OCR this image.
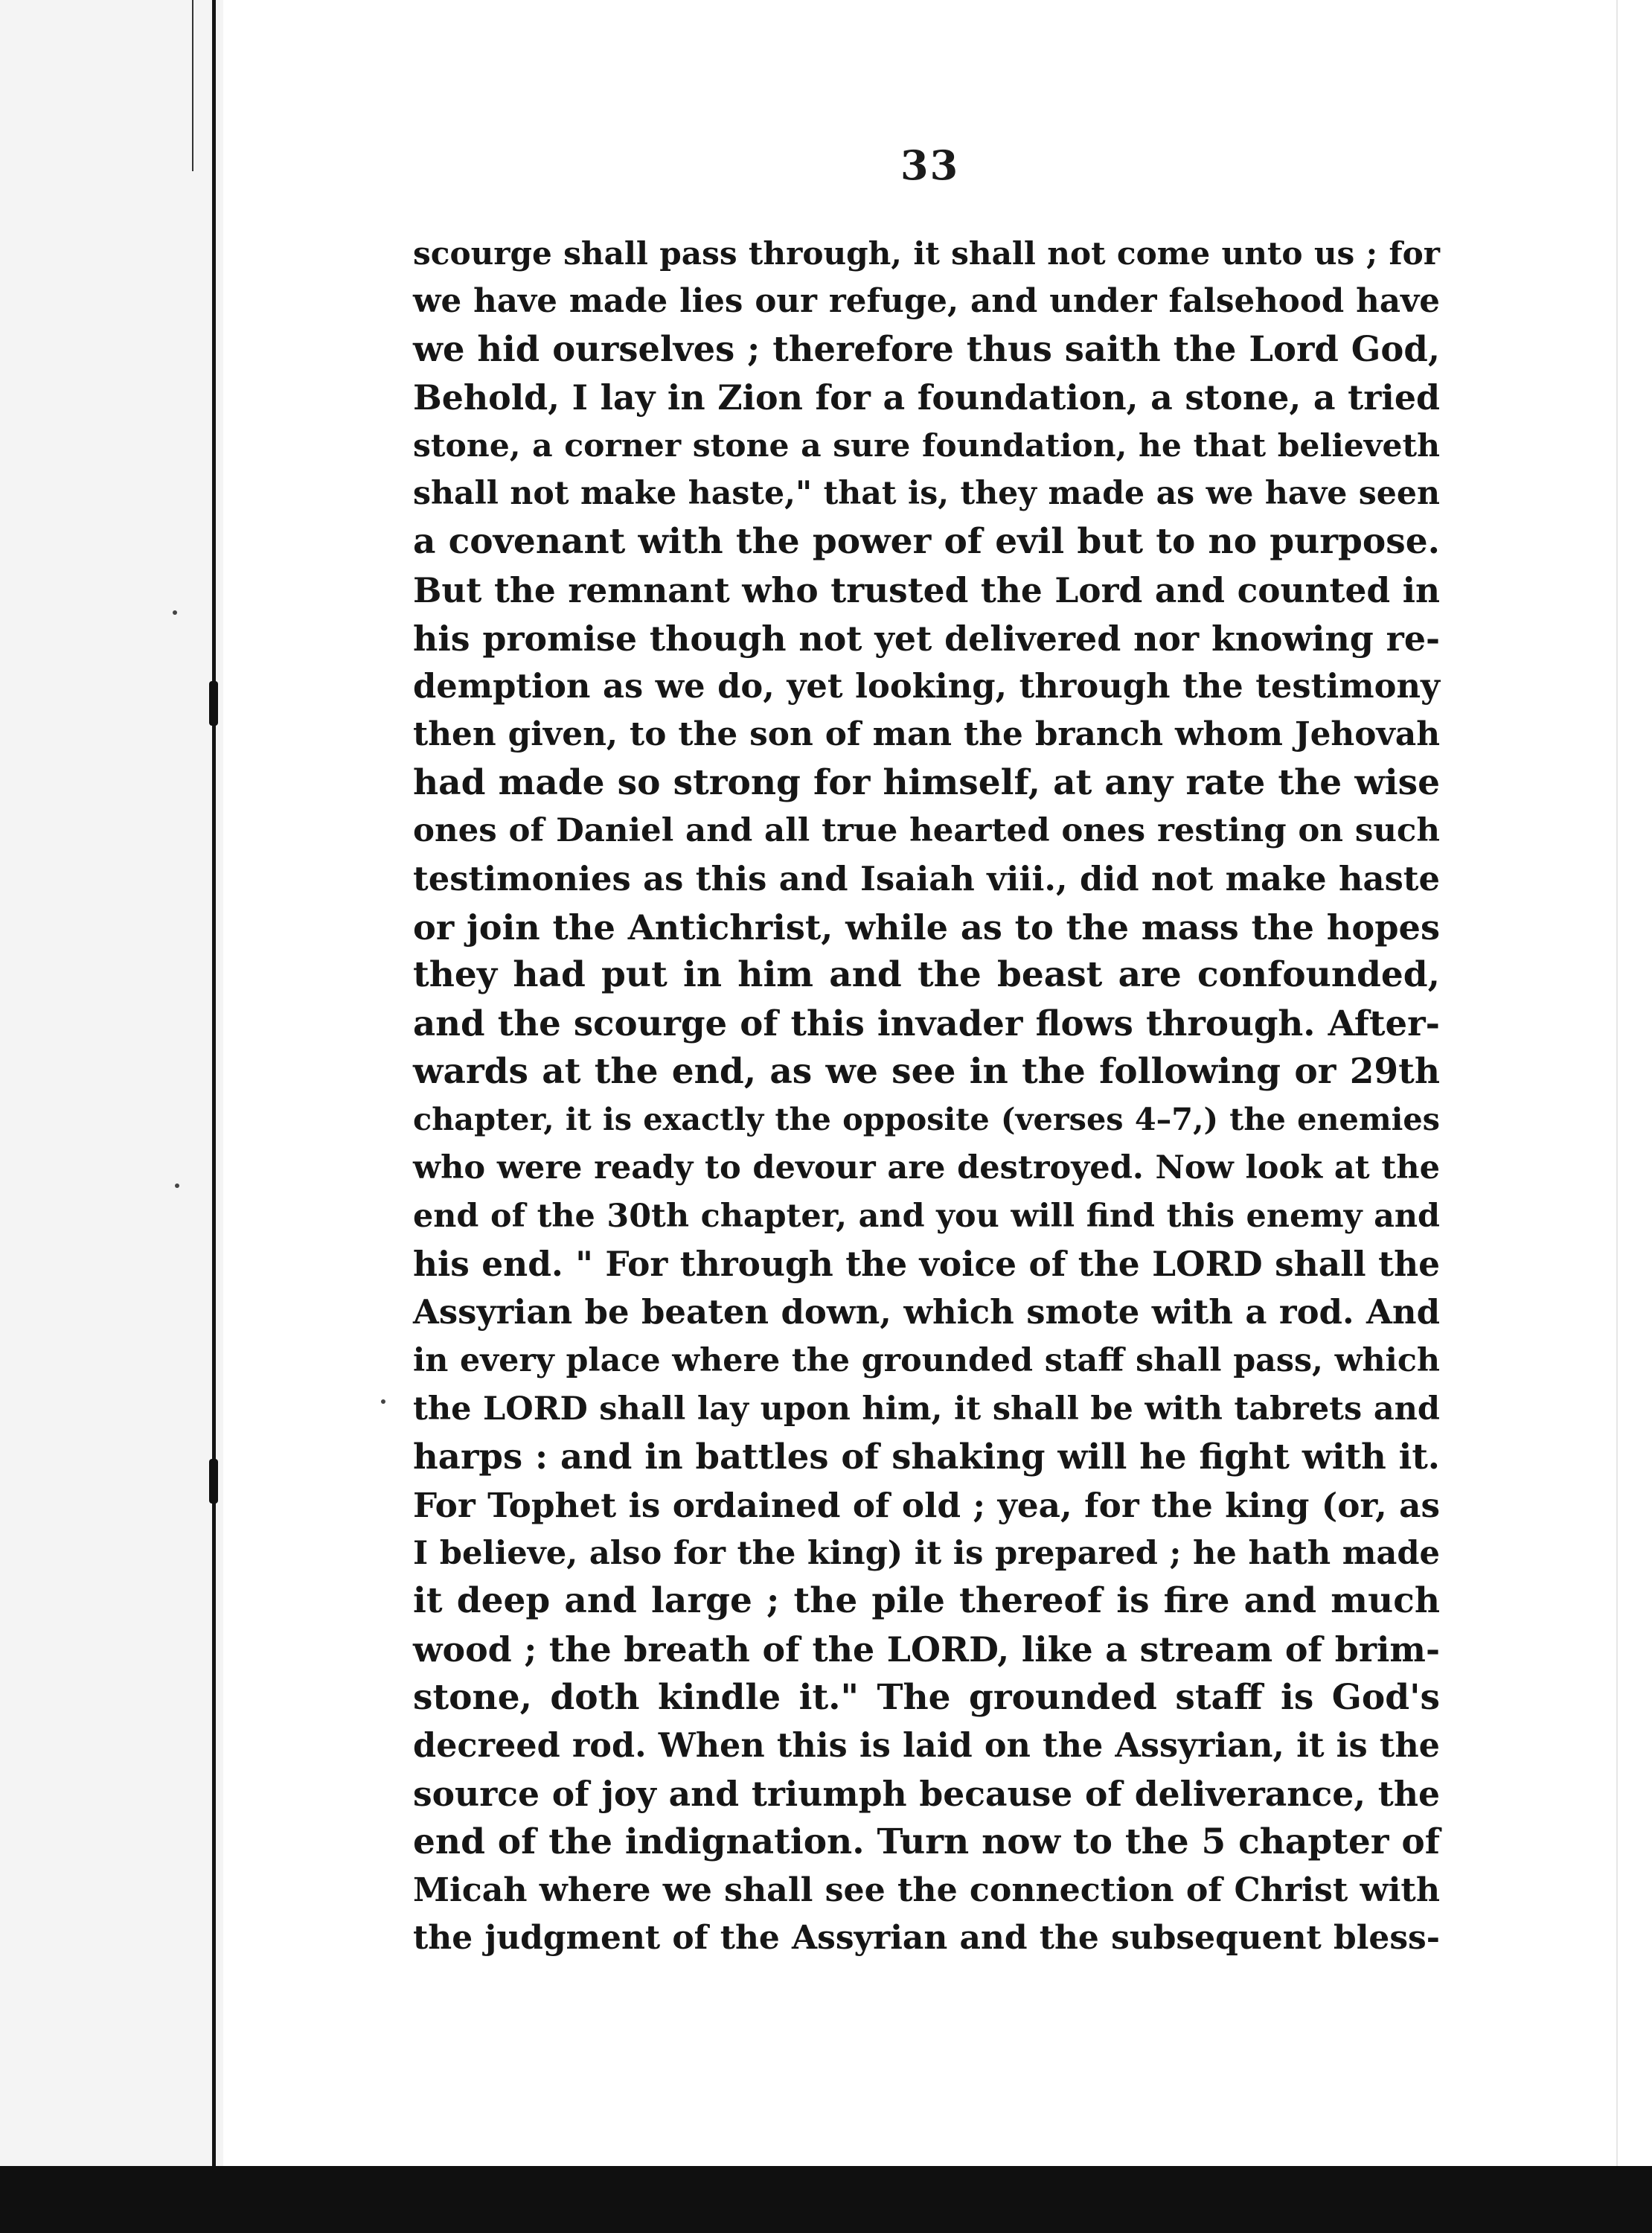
33
scourge shall pass through, it shall not come unto us ; for
we have made lies our refuge, and under falsehood have
we hid ourselves ; therefore thus saith the Lord God,
Behold, I lay in Zion for a foundation, a stone, a tried
stone, a corner stone a sure foundation, he that believeth
shall not make haste," that is, they made as we have seen
a covenant with the power of evil but to no purpose.
But the remnant who trusted the Lord and counted in
his promise though not yet delivered nor knowing re-
demption as we do, yet looking, through the testimony
then given, to the son of man the branch whom Jehovah
had made so strong for himself, at any rate the wise
ones of Daniel and all true hearted ones resting on such
testimonies as this and Isaiah viii., did not make haste
or join the Antichrist, while as to the mass the hopes
they had put in him and the beast are confounded,
and the scourge of this invader flows through. After-
wards at the end, as we see in the following or 29th
chapter, it is exactly the opposite (verses 4–7,) the enemies
who were ready to devour are destroyed. Now look at the
end of the 30th chapter, and you will find this enemy and
his end. " For through the voice of the LORD shall the
Assyrian be beaten down, which smote with a rod. And
in every place where the grounded staff shall pass, which
the LORD shall lay upon him, it shall be with tabrets and
harps : and in battles of shaking will he fight with it.
For Tophet is ordained of old ; yea, for the king (or, as
I believe, also for the king) it is prepared ; he hath made
it deep and large ; the pile thereof is fire and much
wood ; the breath of the LORD, like a stream of brim-
stone, doth kindle it." The grounded staff is God's
decreed rod. When this is laid on the Assyrian, it is the
source of joy and triumph because of deliverance, the
end of the indignation. Turn now to the 5 chapter of
Micah where we shall see the connection of Christ with
the judgment of the Assyrian and the subsequent bless-
